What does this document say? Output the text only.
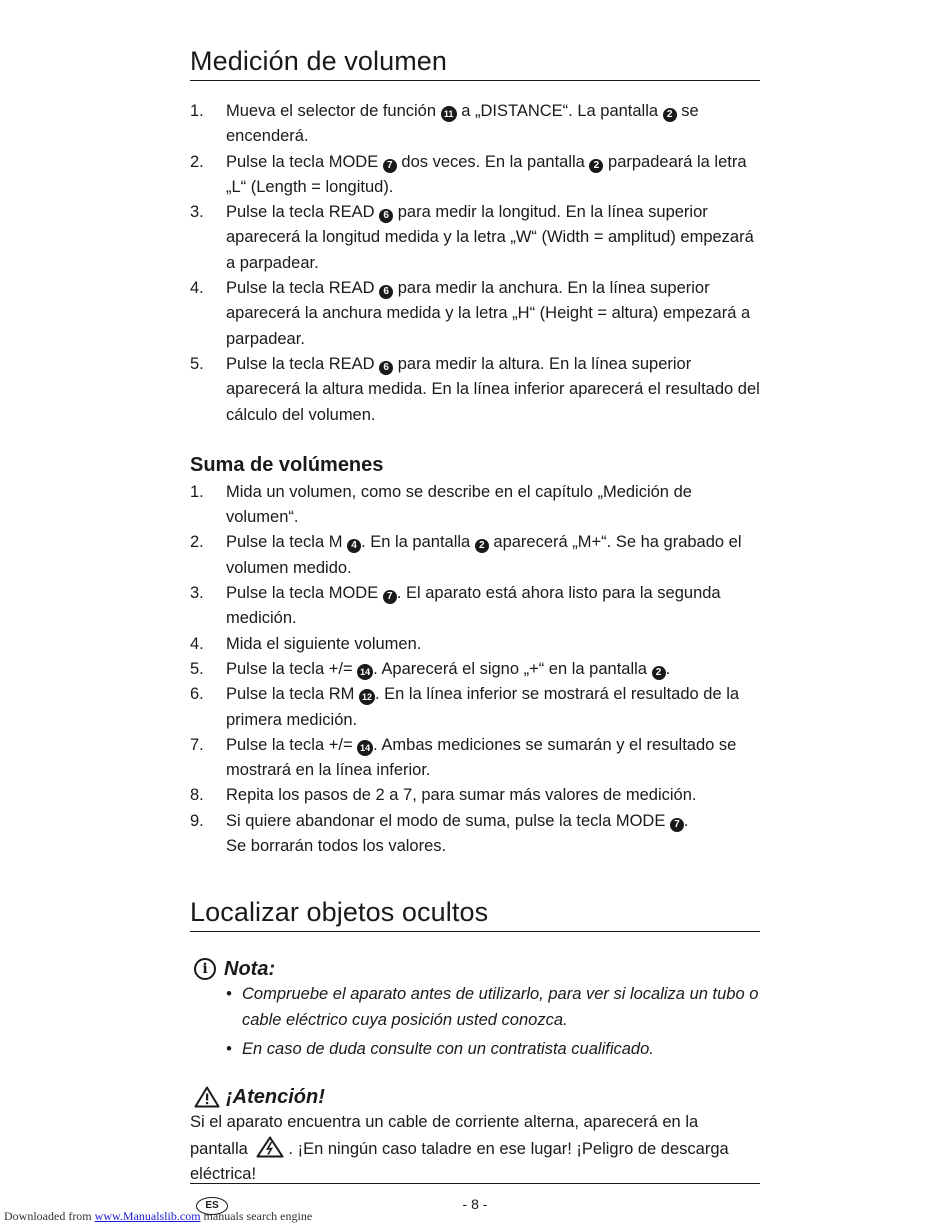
Medición de volumen
1.	Mueva el selector de función 11 a „DISTANCE“. La pantalla 2 se encenderá.
2.	Pulse la tecla MODE 7 dos veces. En la pantalla 2 parpadeará la letra „L“ (Length = longitud).
3.	Pulse la tecla READ 6 para medir la longitud. En la línea superior aparecerá la longitud medida y la letra „W“ (Width = amplitud) empezará a parpadear.
4.	Pulse la tecla READ 6 para medir la anchura. En la línea superior aparecerá la anchura medida y la letra „H“ (Height = altura) empezará a parpadear.
5.	Pulse la tecla READ 6 para medir la altura. En la línea superior aparecerá la altura medida. En la línea inferior aparecerá el resultado del cálculo del volumen.
Suma de volúmenes
1.	Mida un volumen, como se describe en el capítulo „Medición de volumen“.
2.	Pulse la tecla M 4 . En la pantalla 2 aparecerá „M+“. Se ha grabado el volumen medido.
3.	Pulse la tecla MODE 7 . El aparato está ahora listo para la segunda medición.
4.	Mida el siguiente volumen.
5.	Pulse la tecla +/= 14 . Aparecerá el signo „+“ en la pantalla 2 .
6.	Pulse la tecla RM 12 . En la línea inferior se mostrará el resultado de la primera medición.
7.	Pulse la tecla +/= 14 . Ambas mediciones se sumarán y el resultado se mostrará en la línea inferior.
8.	Repita los pasos de 2 a 7, para sumar más valores de medición.
9.	Si quiere abandonar el modo de suma, pulse la tecla MODE 7 .
Se borrarán todos los valores.
Localizar objetos ocultos
i Nota:
• Compruebe el aparato antes de utilizarlo, para ver si localiza un tubo o cable eléctrico cuya posición usted conozca.
• En caso de duda consulte con un contratista cualificado.
¡Atención!
Si el aparato encuentra un cable de corriente alterna, aparecerá en la pantalla . ¡En ningún caso taladre en ese lugar! ¡Peligro de descarga eléctrica!
ES	- 8 -
Downloaded from www.Manualslib.com manuals search engine
